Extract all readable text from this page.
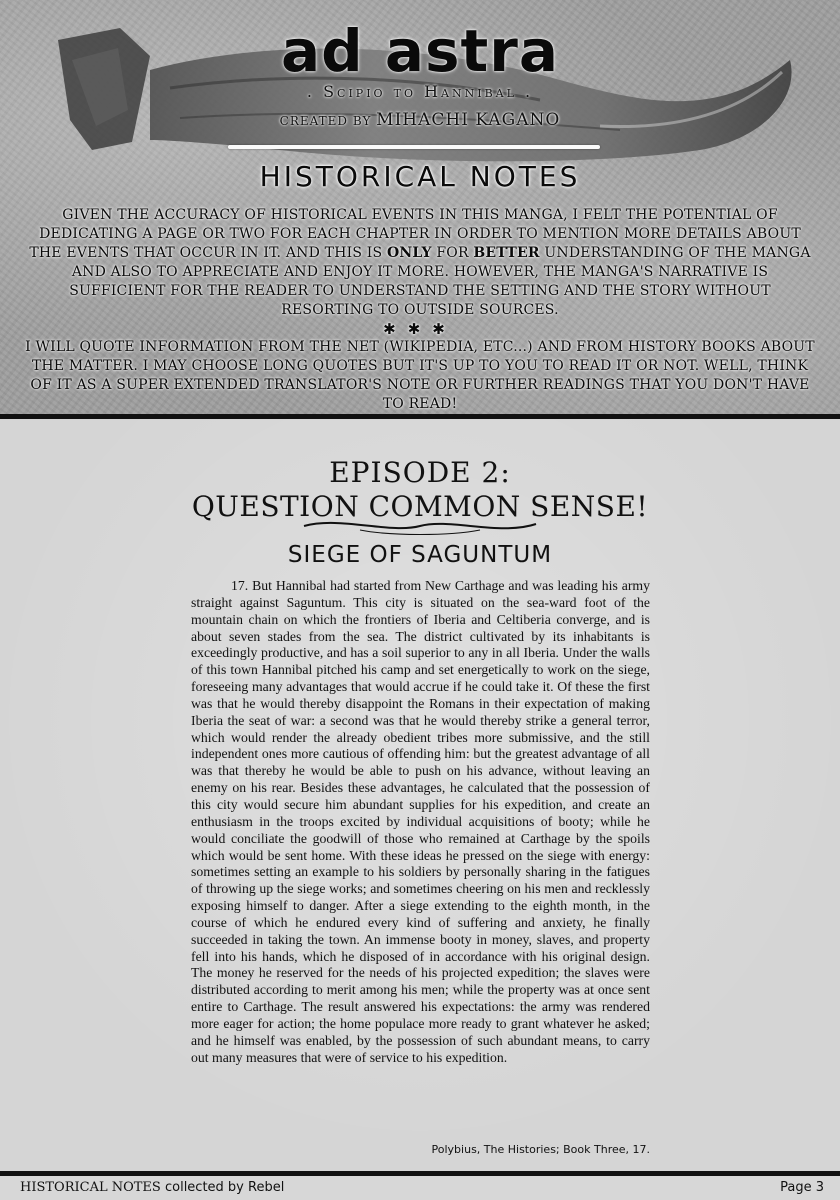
ad astra
. Scipio to Hannibal .
CREATED BY MIHACHI KAGANO
HISTORICAL NOTES

GIVEN THE ACCURACY OF HISTORICAL EVENTS IN THIS MANGA, I FELT THE POTENTIAL OF DEDICATING A PAGE OR TWO FOR EACH CHAPTER IN ORDER TO MENTION MORE DETAILS ABOUT THE EVENTS THAT OCCUR IN IT. AND THIS IS ONLY FOR BETTER UNDERSTANDING OF THE MANGA AND ALSO TO APPRECIATE AND ENJOY IT MORE. HOWEVER, THE MANGA'S NARRATIVE IS SUFFICIENT FOR THE READER TO UNDERSTAND THE SETTING AND THE STORY WITHOUT RESORTING TO OUTSIDE SOURCES.

✱✱✱

I WILL QUOTE INFORMATION FROM THE NET (WIKIPEDIA, ETC...) AND FROM HISTORY BOOKS ABOUT THE MATTER. I MAY CHOOSE LONG QUOTES BUT IT'S UP TO YOU TO READ IT OR NOT. WELL, THINK OF IT AS A SUPER EXTENDED TRANSLATOR'S NOTE OR FURTHER READINGS THAT YOU DON'T HAVE TO READ!

EPISODE 2:
QUESTION COMMON SENSE!
SIEGE OF SAGUNTUM

17. But Hannibal had started from New Carthage and was leading his army straight against Saguntum. This city is situated on the sea-ward foot of the mountain chain on which the frontiers of Iberia and Celtiberia converge, and is about seven stades from the sea. The district cultivated by its inhabitants is exceedingly productive, and has a soil superior to any in all Iberia. Under the walls of this town Hannibal pitched his camp and set energetically to work on the siege, foreseeing many advantages that would accrue if he could take it. Of these the first was that he would thereby disappoint the Romans in their expectation of making Iberia the seat of war: a second was that he would thereby strike a general terror, which would render the already obedient tribes more submissive, and the still independent ones more cautious of offending him: but the greatest advantage of all was that thereby he would be able to push on his advance, without leaving an enemy on his rear. Besides these advantages, he calculated that the possession of this city would secure him abundant supplies for his expedition, and create an enthusiasm in the troops excited by individual acquisitions of booty; while he would conciliate the goodwill of those who remained at Carthage by the spoils which would be sent home. With these ideas he pressed on the siege with energy: sometimes setting an example to his soldiers by personally sharing in the fatigues of throwing up the siege works; and sometimes cheering on his men and recklessly exposing himself to danger. After a siege extending to the eighth month, in the course of which he endured every kind of suffering and anxiety, he finally succeeded in taking the town. An immense booty in money, slaves, and property fell into his hands, which he disposed of in accordance with his original design. The money he reserved for the needs of his projected expedition; the slaves were distributed according to merit among his men; while the property was at once sent entire to Carthage. The result answered his expectations: the army was rendered more eager for action; the home populace more ready to grant whatever he asked; and he himself was enabled, by the possession of such abundant means, to carry out many measures that were of service to his expedition.

Polybius, The Histories; Book Three, 17.
HISTORICAL NOTES collected by Rebel	Page 3
